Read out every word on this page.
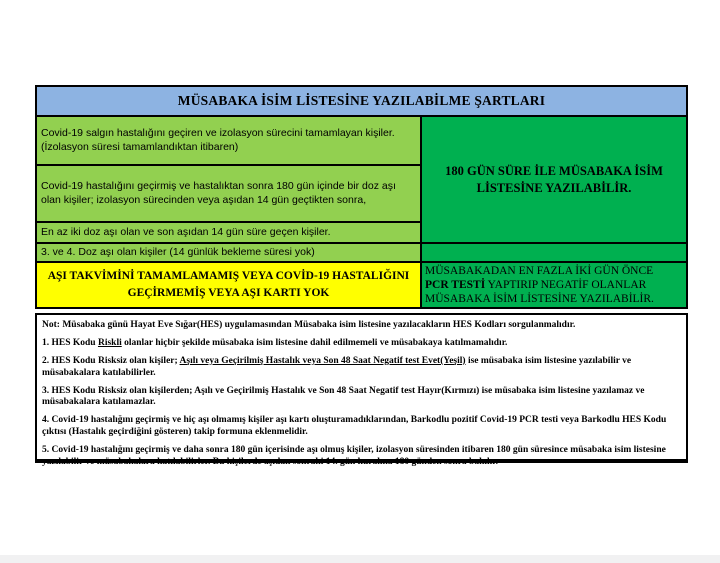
MÜSABAKA İSİM LİSTESİNE YAZILABİLME ŞARTLARI
Covid-19 salgın hastalığını geçiren ve izolasyon sürecini tamamlayan kişiler. (İzolasyon süresi tamamlandıktan itibaren)
Covid-19 hastalığını geçirmiş ve hastalıktan sonra 180 gün içinde bir doz aşı olan kişiler; izolasyon sürecinden veya aşıdan 14 gün geçtikten sonra,
En az iki doz aşı olan ve son aşıdan 14 gün süre geçen kişiler.
3. ve 4. Doz aşı olan kişiler (14 günlük bekleme süresi yok)
AŞI TAKVİMİNİ TAMAMLAMAMIŞ VEYA COVİD-19 HASTALIĞINI GEÇİRMEMİŞ VEYA AŞI KARTI YOK
180 GÜN SÜRE İLE MÜSABAKA İSİM LİSTESİNE YAZILABİLİR.
MÜSABAKADAN EN FAZLA İKİ GÜN ÖNCE
PCR TESTİ YAPTIRIP NEGATİF OLANLAR
MÜSABAKA İSİM LİSTESİNE YAZILABİLİR.
Not: Müsabaka günü Hayat Eve Sığar(HES) uygulamasından Müsabaka isim listesine yazılacakların HES Kodları sorgulanmalıdır.
1. HES Kodu Riskli olanlar hiçbir şekilde müsabaka isim listesine dahil edilmemeli ve müsabakaya katılmamalıdır.
2. HES Kodu Risksiz olan kişiler; Aşılı veya Geçirilmiş Hastalık veya Son 48 Saat Negatif test Evet(Yeşil) ise müsabaka isim listesine yazılabilir ve müsabakalara katılabilirler.
3. HES Kodu Risksiz olan kişilerden; Aşılı ve Geçirilmiş Hastalık ve Son 48 Saat Negatif test Hayır(Kırmızı) ise müsabaka isim listesine yazılamaz ve müsabakalara katılamazlar.
4. Covid-19 hastalığını geçirmiş ve hiç aşı olmamış kişiler aşı kartı oluşturamadıklarından, Barkodlu pozitif Covid-19 PCR testi veya Barkodlu HES Kodu çıktısı (Hastalık geçirdiğini gösteren) takip formuna eklenmelidir.
5. Covid-19 hastalığını geçirmiş ve daha sonra 180 gün içerisinde aşı olmuş kişiler, izolasyon süresinden itibaren 180 gün süresince müsabaka isim listesine yazılabilir ve müsabakalara katılabilirler. Bu kişilerde aşıdan sonraki 14. gün kuralına 180 günden sonra bakılır.
